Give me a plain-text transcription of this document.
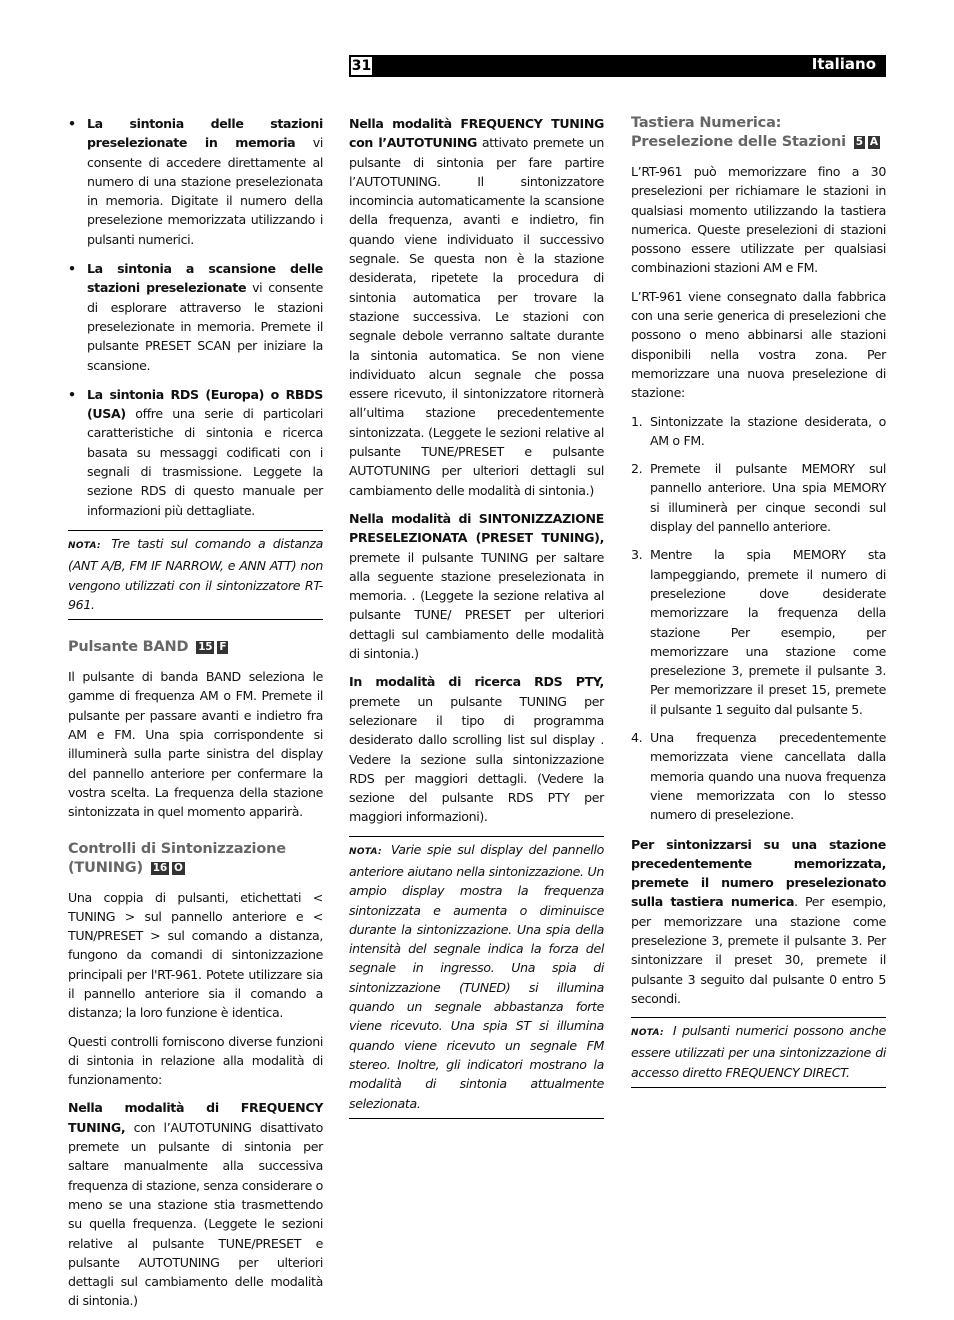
31	Italiano
• La sintonia delle stazioni preselezionate in memoria vi consente di accedere direttamente al numero di una stazione preselezionata in memoria. Digitate il numero della preselezione memorizzata utilizzando i pulsanti numerici.
• La sintonia a scansione delle stazioni preselezionate vi consente di esplorare attraverso le stazioni preselezionate in memoria. Premete il pulsante PRESET SCAN per iniziare la scansione.
• La sintonia RDS (Europa) o RBDS (USA) offre una serie di particolari caratteristiche di sintonia e ricerca basata su messaggi codificati con i segnali di trasmissione. Leggete la sezione RDS di questo manuale per informazioni più dettagliate.
NOTA: Tre tasti sul comando a distanza (ANT A/B, FM IF NARROW, e ANN ATT) non vengono utilizzati con il sintonizzatore RT-961.
Pulsante BAND 15 F

Il pulsante di banda BAND seleziona le gamme di frequenza AM o FM. Premete il pulsante per passare avanti e indietro fra AM e FM. Una spia corrispondente si illuminerà sulla parte sinistra del display del pannello anteriore per confermare la vostra scelta. La frequenza della stazione sintonizzata in quel momento apparirà.

Controlli di Sintonizzazione (TUNING) 16 O

Una coppia di pulsanti, etichettati < TUNING > sul pannello anteriore e < TUN/PRESET > sul comando a distanza, fungono da comandi di sintonizzazione principali per l'RT-961. Potete utilizzare sia il pannello anteriore sia il comando a distanza; la loro funzione è identica.

Questi controlli forniscono diverse funzioni di sintonia in relazione alla modalità di funzionamento:

Nella modalità di FREQUENCY TUNING, con l’AUTOTUNING disattivato premete un pulsante di sintonia per saltare manualmente alla successiva frequenza di stazione, senza considerare o meno se una stazione stia trasmettendo su quella frequenza. (Leggete le sezioni relative al pulsante TUNE/PRESET e pulsante AUTOTUNING per ulteriori dettagli sul cambiamento delle modalità di sintonia.)

Nella modalità FREQUENCY TUNING con l’AUTOTUNING attivato premete un pulsante di sintonia per fare partire l’AUTOTUNING. Il sintonizzatore incomincia automaticamente la scansione della frequenza, avanti e indietro, fin quando viene individuato il successivo segnale. Se questa non è la stazione desiderata, ripetete la procedura di sintonia automatica per trovare la stazione successiva. Le stazioni con segnale debole verranno saltate durante la sintonia automatica. Se non viene individuato alcun segnale che possa essere ricevuto, il sintonizzatore ritornerà all’ultima stazione precedentemente sintonizzata. (Leggete le sezioni relative al pulsante TUNE/PRESET e pulsante AUTOTUNING per ulteriori dettagli sul cambiamento delle modalità di sintonia.)

Nella modalità di SINTONIZZAZIONE PRESELEZIONATA (PRESET TUNING), premete il pulsante TUNING per saltare alla seguente stazione preselezionata in memoria. . (Leggete la sezione relativa al pulsante TUNE/ PRESET per ulteriori dettagli sul cambiamento delle modalità di sintonia.)

In modalità di ricerca RDS PTY, premete un pulsante TUNING per selezionare il tipo di programma desiderato dallo scrolling list sul display . Vedere la sezione sulla sintonizzazione RDS per maggiori dettagli. (Vedere la sezione del pulsante RDS PTY per maggiori informazioni).

NOTA: Varie spie sul display del pannello anteriore aiutano nella sintonizzazione. Un ampio display mostra la frequenza sintonizzata e aumenta o diminuisce durante la sintonizzazione. Una spia della intensità del segnale indica la forza del segnale in ingresso. Una spia di sintonizzazione (TUNED) si illumina quando un segnale abbastanza forte viene ricevuto. Una spia ST si illumina quando viene ricevuto un segnale FM stereo. Inoltre, gli indicatori mostrano la modalità di sintonia attualmente selezionata.
Tastiera Numerica: Preselezione delle Stazioni 5 A

L’RT-961 può memorizzare fino a 30 preselezioni per richiamare le stazioni in qualsiasi momento utilizzando la tastiera numerica. Queste preselezioni di stazioni possono essere utilizzate per qualsiasi combinazioni stazioni AM e FM.

L’RT-961 viene consegnato dalla fabbrica con una serie generica di preselezioni che possono o meno abbinarsi alle stazioni disponibili nella vostra zona. Per memorizzare una nuova preselezione di stazione:

1. Sintonizzate la stazione desiderata, o AM o FM.
2. Premete il pulsante MEMORY sul pannello anteriore. Una spia MEMORY si illuminerà per cinque secondi sul display del pannello anteriore.
3. Mentre la spia MEMORY sta lampeggiando, premete il numero di preselezione dove desiderate memorizzare la frequenza della stazione Per esempio, per memorizzare una stazione come preselezione 3, premete il pulsante 3. Per memorizzare il preset 15, premete il pulsante 1 seguito dal pulsante 5.
4. Una frequenza precedentemente memorizzata viene cancellata dalla memoria quando una nuova frequenza viene memorizzata con lo stesso numero di preselezione.

Per sintonizzarsi su una stazione precedentemente memorizzata, premete il numero preselezionato sulla tastiera numerica. Per esempio, per memorizzare una stazione come preselezione 3, premete il pulsante 3. Per sintonizzare il preset 30, premete il pulsante 3 seguito dal pulsante 0 entro 5 secondi.

NOTA: I pulsanti numerici possono anche essere utilizzati per una sintonizzazione di accesso diretto FREQUENCY DIRECT.
